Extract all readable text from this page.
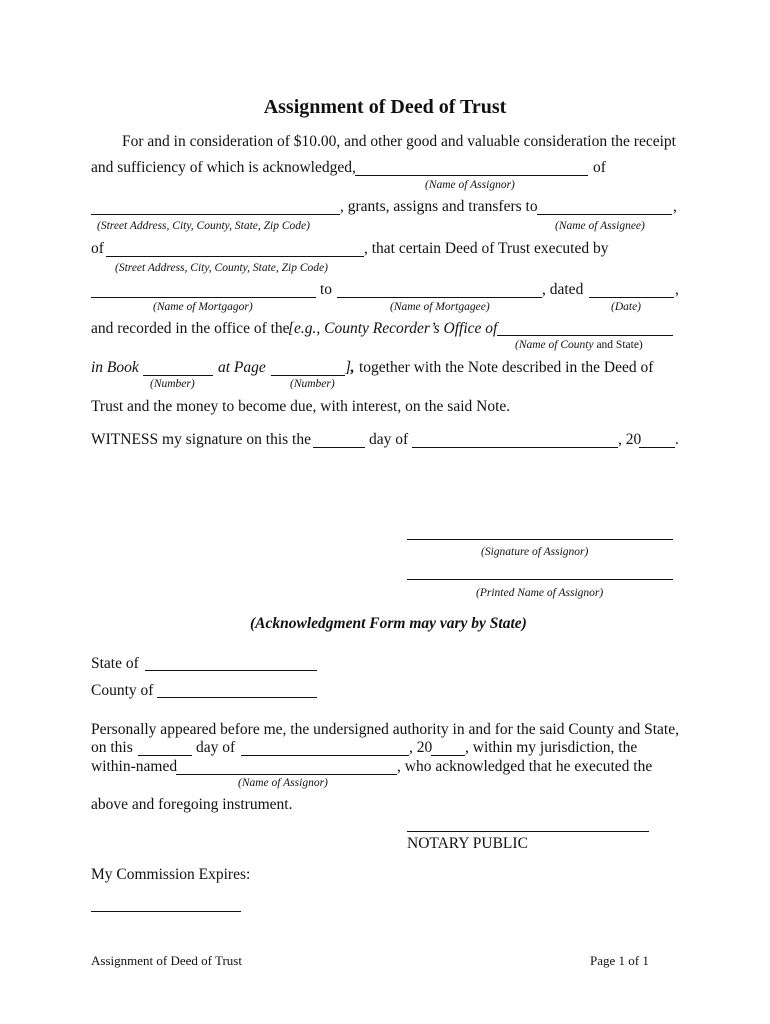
Assignment of Deed of Trust
For and in consideration of $10.00, and other good and valuable consideration the receipt
and sufficiency of which is acknowledged,	of
(Name of Assignor)
, grants, assigns and transfers to	,
(Street Address, City, County, State, Zip Code)	(Name of Assignee)
of	, that certain Deed of Trust executed by
(Street Address, City, County, State, Zip Code)
to	, dated	,
(Name of Mortgagor)	(Name of Mortgagee)	(Date)
and recorded in the office of the
[e.g., County Recorder’s Office of
(Name of County and State)
in Book	at Page	]
, together with the Note described in the Deed of
(Number)	(Number)
Trust and the money to become due, with interest, on the said Note.
WITNESS my signature on this the	day of	, 20 .
(Signature of Assignor)
(Printed Name of Assignor)
(Acknowledgment Form may vary by State)
State of
County of
Personally appeared before me, the undersigned authority in and for the said County and State,
on this	day of	, 20 , within my jurisdiction, the
within-named	, who acknowledged that he executed the
(Name of Assignor)
above and foregoing instrument.
NOTARY PUBLIC
My Commission Expires:
Assignment of Deed of Trust	Page 1 of 1
